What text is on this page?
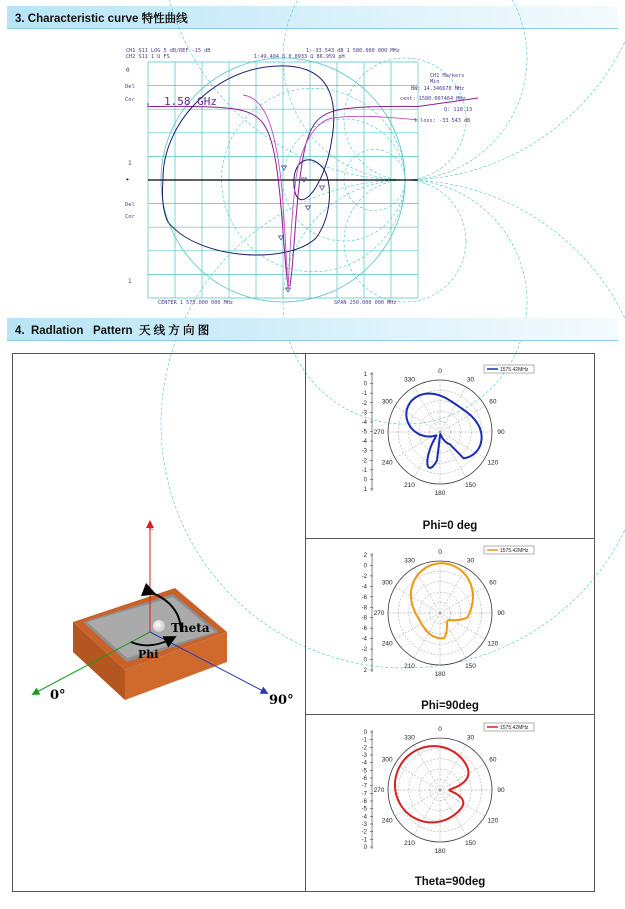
3. Characteristic curve 特性曲线
CH1 S11 LOG 5 dB/REF -15 dB
CH2 S11 1 U FS
1:-33.543 dB 1 580.000 000 MHz
1:49.404 Ω 0.0933 Ω 86.959 pH
Del
Cor
Del
Cor
0
1
1
▸
1.58 GHz
CH1 Markers
Min
BW: 14.346670 MHz
cent: 1580.007464 MHz
Q: 110.13
l loss: -33.543 dB
CENTER 1 575.000 000 MHz	SPAN 250.000 000 MHz
4.  Radlation   Pattern  天 线 方 向 图
Theta
Phi
z
0°	90°
1
0
-1
-2
-3
-4
-5
-4
-3
-2
-1
0
1
0
30
60
90
120
150
180
210
240
270
300
330
1575.42MHz
Phi=0 deg
2
0
-2
-4
-6
-8
-8
-6
-4
-2
0
2
0
30
60
90
120
150
180
210
240
270
300
330
1575.42MHz
Phi=90deg
0
-1
-2
-3
-4
-5
-6
-7
-7
-6
-5
-4
-3
-2
-1
0
0
30
60
90
120
150
180
210
240
270
300
330
1575.42MHz
Theta=90deg
